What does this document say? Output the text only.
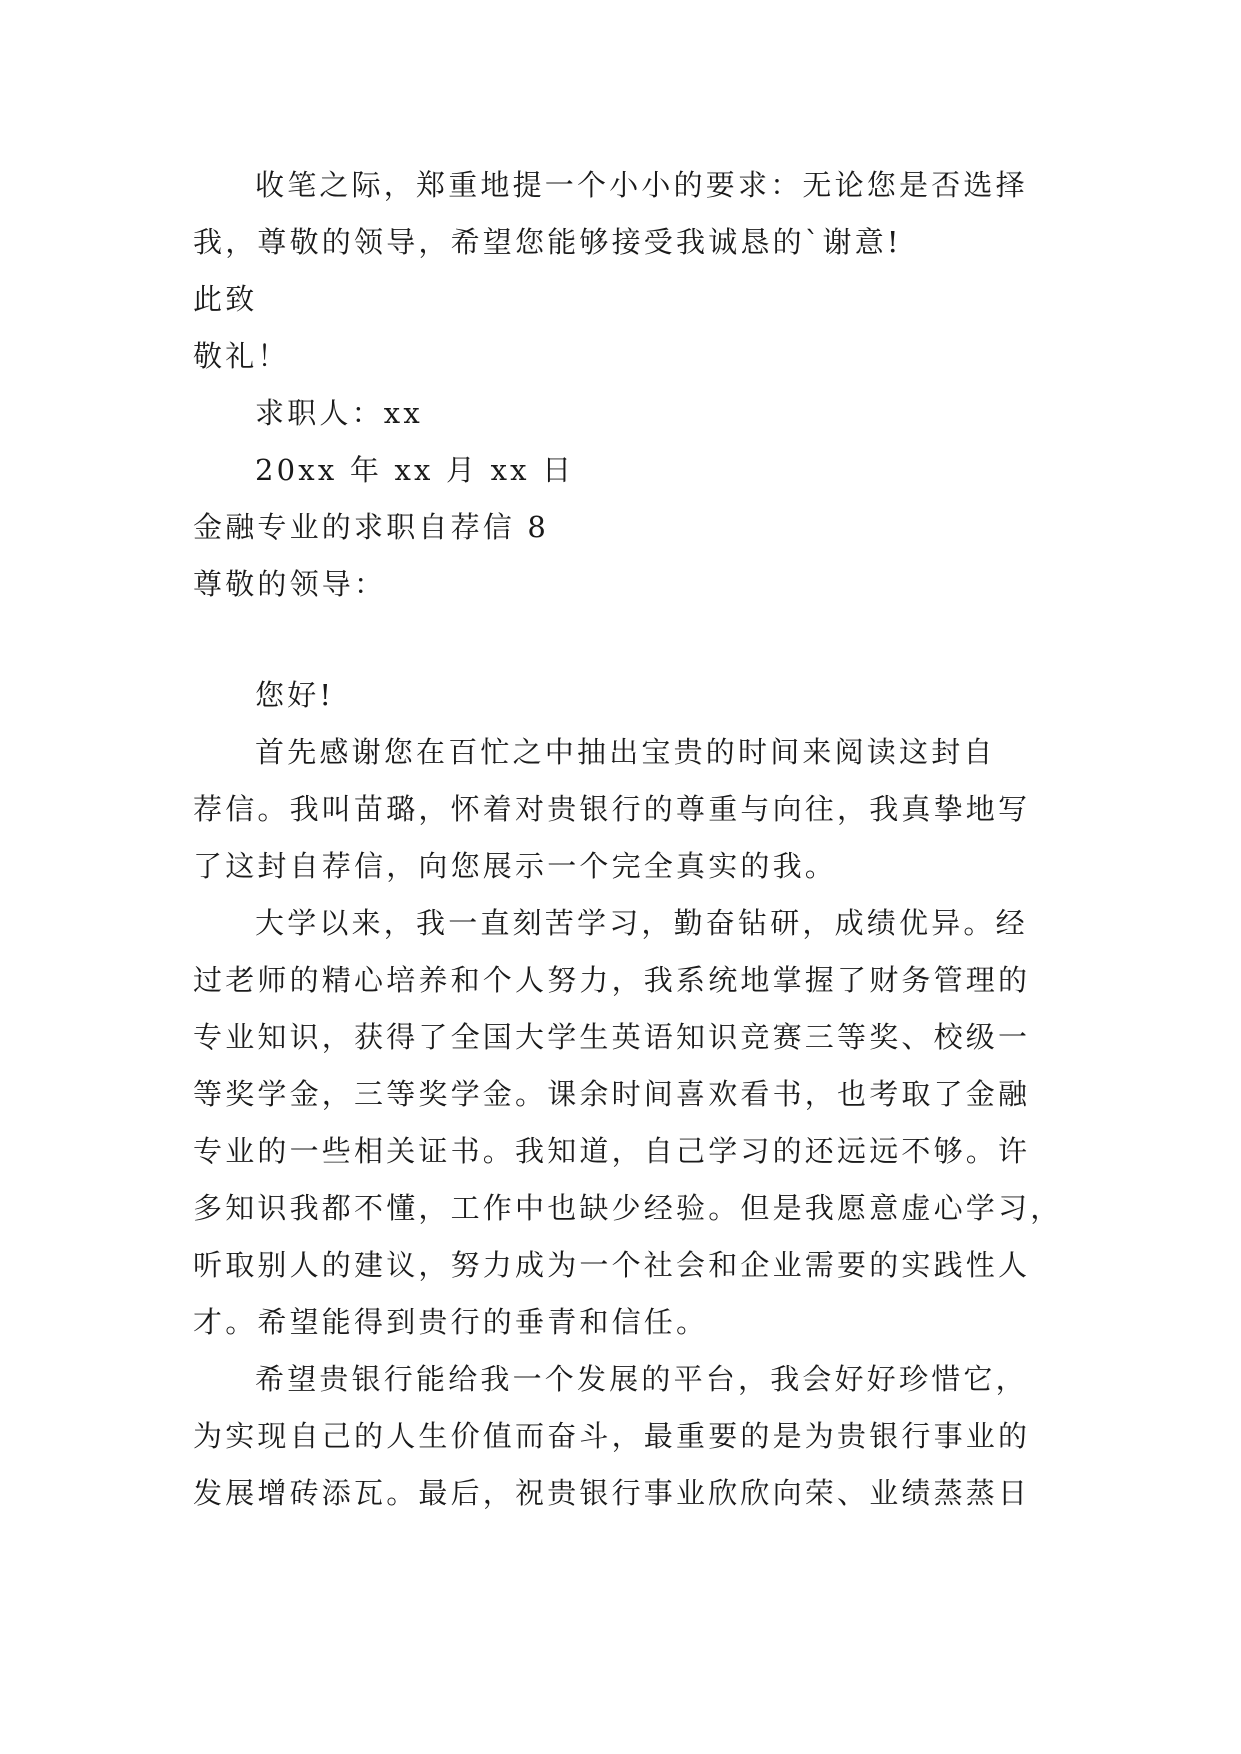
收笔之际，郑重地提一个小小的要求：无论您是否选择
我，尊敬的领导，希望您能够接受我诚恳的`谢意!
此致
敬礼！
求职人：xx
20xx 年 xx 月 xx 日
金融专业的求职自荐信 8
尊敬的领导：
您好!
首先感谢您在百忙之中抽出宝贵的时间来阅读这封自
荐信。我叫苗璐，怀着对贵银行的尊重与向往，我真挚地写
了这封自荐信，向您展示一个完全真实的我。
大学以来，我一直刻苦学习，勤奋钻研，成绩优异。经
过老师的精心培养和个人努力，我系统地掌握了财务管理的
专业知识，获得了全国大学生英语知识竞赛三等奖、校级一
等奖学金，三等奖学金。课余时间喜欢看书，也考取了金融
专业的一些相关证书。我知道，自己学习的还远远不够。许
多知识我都不懂，工作中也缺少经验。但是我愿意虚心学习，
听取别人的建议，努力成为一个社会和企业需要的实践性人
才。希望能得到贵行的垂青和信任。
希望贵银行能给我一个发展的平台，我会好好珍惜它，
为实现自己的人生价值而奋斗，最重要的是为贵银行事业的
发展增砖添瓦。最后，祝贵银行事业欣欣向荣、业绩蒸蒸日
